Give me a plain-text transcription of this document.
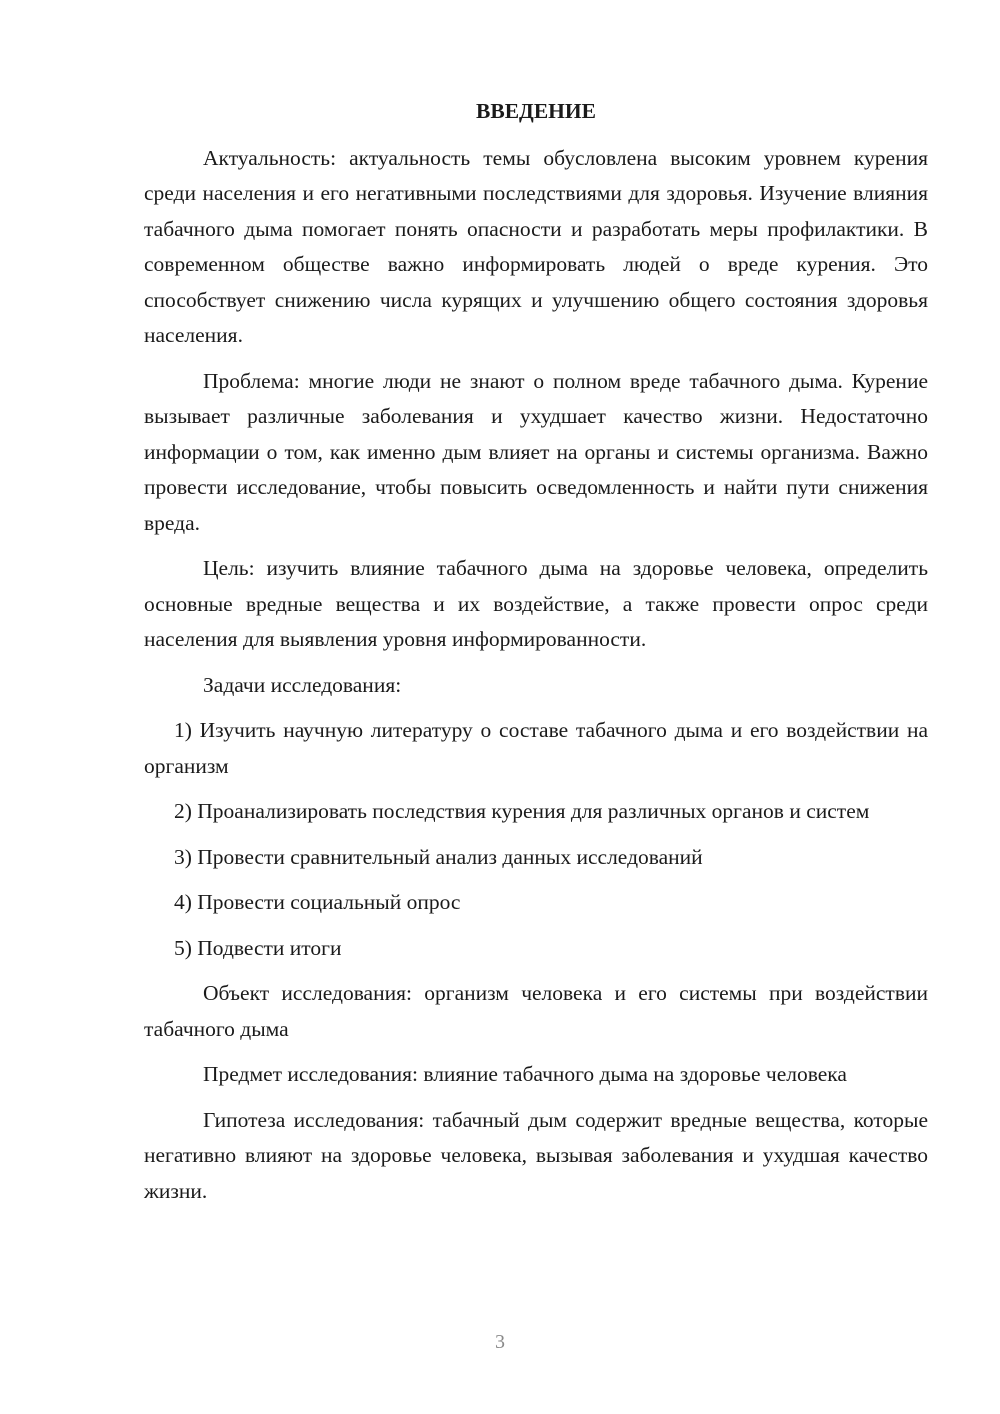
ВВЕДЕНИЕ

Актуальность: актуальность темы обусловлена высоким уровнем курения среди населения и его негативными последствиями для здоровья. Изучение влияния табачного дыма помогает понять опасности и разработать меры профилактики. В современном обществе важно информировать людей о вреде курения. Это способствует снижению числа курящих и улучшению общего состояния здоровья населения.

Проблема: многие люди не знают о полном вреде табачного дыма. Курение вызывает различные заболевания и ухудшает качество жизни. Недостаточно информации о том, как именно дым влияет на органы и системы организма. Важно провести исследование, чтобы повысить осведомленность и найти пути снижения вреда.

Цель: изучить влияние табачного дыма на здоровье человека, определить основные вредные вещества и их воздействие, а также провести опрос среди населения для выявления уровня информированности.

Задачи исследования:

1) Изучить научную литературу о составе табачного дыма и его воздействии на организм

2) Проанализировать последствия курения для различных органов и систем

3) Провести сравнительный анализ данных исследований

4) Провести социальный опрос

5) Подвести итоги

Объект исследования: организм человека и его системы при воздействии табачного дыма

Предмет исследования: влияние табачного дыма на здоровье человека

Гипотеза исследования: табачный дым содержит вредные вещества, которые негативно влияют на здоровье человека, вызывая заболевания и ухудшая качество жизни.

3
